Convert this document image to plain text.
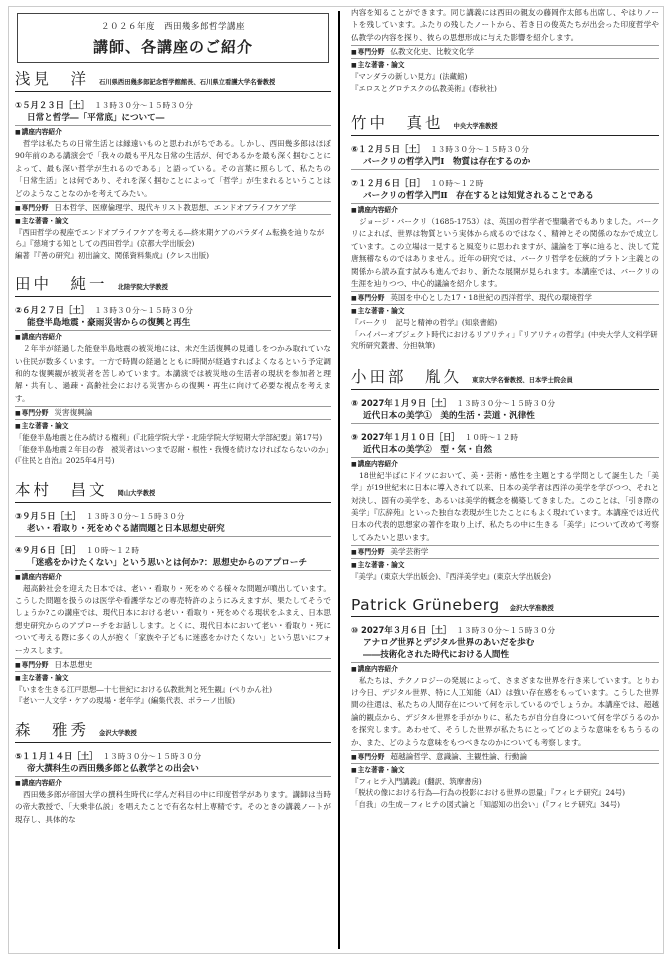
２０２６年度　西田幾多郎哲学講座
講師、各講座のご紹介
浅見　洋 石川県西田幾多郎記念哲学館館長、石川県立看護大学名誉教授
①５月２３日［土］ １３時３０分～１５時３０分
日常と哲学―「平常底」について―
■ 講座内容紹介
哲学は私たちの日常生活とは縁遠いものと思われがちである。しかし、西田幾多郎はほぼ90年前のある講演会で「我々の最も平凡な日常の生活が、何であるかを最も深く掴むことによって、最も深い哲学が生れるのである」と語っている。その言葉に照らして、私たちの「日常生活」とは何であり、それを深く掴むことによって「哲学」が生まれるということはどのようなことなのかを考えてみたい。
■ 専門分野 日本哲学、医療倫理学、現代キリスト教思想、エンドオブライフケア学
■ 主な著書・論文
『西田哲学の視座でエンドオブライフケアを考える―終末期ケアのパラダイム転換を辿りながら』『慈境する知としての西田哲学』(京都大学出版会)
編著『『善の研究』初出論文、関係資料集成』(クレス出版)
田中　純一 北陸学院大学教授
②６月２７日［土］ １３時３０分～１５時３０分
能登半島地震・豪雨災害からの復興と再生
■ 講座内容紹介
２年半が経過した能登半島地震の被災地には、未だ生活復興の見通しをつかみ取れていない住民が数多くいます。一方で時間の経過とともに時間が経過すればよくなるという予定調和的な復興観が被災者を苦しめています。本講演では被災地の生活者の現状を参加者と理解・共有し、過疎・高齢社会における災害からの復興・再生に向けて必要な視点を考えます。
■ 専門分野 災害復興論
■ 主な著書・論文
「能登半島地震と住み続ける権利」(『北陸学院大学・北陸学院大学短期大学部紀要』第17号)
「能登半島地震２年目の春　被災者はいつまで忍耐・根性・我慢を続けなければならないのか」(『住民と自治』2025年4月号)
本村　昌文 岡山大学教授
③９月５日［土］ １３時３０分～１５時３０分
老い・看取り・死をめぐる諸問題と日本思想史研究
④９月６日［日］ １０時～１２時
「迷惑をかけたくない」という思いとは何か?：思想史からのアプローチ
■ 講座内容紹介
超高齢社会を迎えた日本では、老い・看取り・死をめぐる様々な問題が噴出しています。こうした問題を扱うのは医学や看護学などの専売特許のようにみえますが、果たしてそうでしょうか?この講座では、現代日本における老い・看取り・死をめぐる現状をふまえ、日本思想史研究からのアプローチをお話しします。とくに、現代日本において老い・看取り・死について考える際に多くの人が抱く「家族や子どもに迷惑をかけたくない」という思いにフォーカスします。
■ 専門分野 日本思想史
■ 主な著書・論文
『いまを生きる江戸思想―十七世紀における仏教批判と死生観』(ぺりかん社)
『老い一人文学・ケアの現場・老年学』(編集代表、ポラーノ出版)
森　雅秀 金沢大学教授
⑤１１月１４日［土］ １３時３０分～１５時３０分
帝大撰科生の西田幾多郎と仏教学との出会い
■ 講座内容紹介
西田幾多郎が帝国大学の撰科生時代に学んだ科目の中に印度哲学があります。講師は当時の帝大教授で、「大乗非仏説」を唱えたことで有名な村上専精です。そのときの講義ノートが現存し、具体的な
内容を知ることができます。同じ講義には西田の親友の藤岡作太郎も出席し、やはりノートを残しています。ふたりの残したノートから、若き日の俊英たちが出会った印度哲学や仏教学の内容を探り、彼らの思想形成に与えた影響を紹介します。
■ 専門分野 仏教文化史、比較文化学
■ 主な著書・論文
『マンダラの新しい見方』(法藏館)
『エロスとグロテスクの仏教美術』(春秋社)
竹中　真也 中央大学准教授
⑥１２月５日［土］ １３時３０分～１５時３０分
バークリの哲学入門Ⅰ　物質は存在するのか
⑦１２月６日［日］ １０時～１２時
バークリの哲学入門Ⅱ　存在するとは知覚されることである
■ 講座内容紹介
ジョージ・バークリ（1685-1753）は、英国の哲学者で聖職者でもありました。バークリによれば、世界は物質という実体から成るのではなく、精神とその関係のなかで成立しています。この立場は一見すると風変りに思われますが、議論を丁寧に辿ると、決して荒唐無稽なものではありません。近年の研究では、バークリ哲学を伝統的プラトン主義との関係から読み直す試みも進んでおり、新たな展開が見られます。本講座では、バークリの生涯を辿りつつ、中心的議論を紹介します。
■ 専門分野 英国を中心とした17・18世紀の西洋哲学、現代の環境哲学
■ 主な著書・論文
『バークリ　記号と精神の哲学』(知泉書館)
「ハイパーオブジェクト時代におけるリアリティ」『リアリティの哲学』(中央大学人文科学研究所研究叢書、分担執筆)
小田部　胤久 東京大学名誉教授、日本学士院会員
⑧ 2027年１月９日［土］ １３時３０分～１５時３０分
近代日本の美学①　美的生活・芸道・汎律性
⑨ 2027年１月１０日［日］ １０時～１２時
近代日本の美学②　型・気・自然
■ 講座内容紹介
18世紀半ばにドイツにおいて、美・芸術・感性を主題とする学問として誕生した「美学」が19世紀末に日本に導入されて以来、日本の美学者は西洋の美学を学びつつ、それと対決し、固有の美学を、あるいは美学的概念を構築してきました。このことは、「引き際の美学」『広辞苑』といった独自な表現が生じたことにもよく現れています。本講座では近代日本の代表的思想家の著作を取り上げ、私たちの中に生きる「美学」について改めて考察してみたいと思います。
■ 専門分野 美学芸術学
■ 主な著書・論文
『美学』(東京大学出版会)、『西洋美学史』(東京大学出版会)
Patrick Grüneberg 金沢大学准教授
⑩ 2027年３月６日［土］ １３時３０分～１５時３０分
アナログ世界とデジタル世界のあいだを歩む
――技術化された時代における人間性
■ 講座内容紹介
私たちは、テクノロジーの発展によって、さまざまな世界を行き来しています。とりわけ今日、デジタル世界、特に人工知能（AI）は強い存在感をもっています。こうした世界間の往還は、私たちの人間存在について何を示しているのでしょうか。本講座では、超越論的観点から、デジタル世界を手がかりに、私たちが自分自身について何を学びうるのかを探究します。あわせて、そうした世界が私たちにとってどのような意味をもちうるのか、また、どのような意味をもつべきなのかについても考察します。
■ 専門分野 超越論哲学、意識論、主観性論、行動論
■ 主な著書・論文
『フィヒテ入門講義』(翻訳、筑摩書房)
「脱状の像における行為―行為の投影における世界の思量」『フィヒテ研究』24号)
「自我」の生成－フィヒテの図式論と「知認知の出会い」(『フィヒテ研究』34号)
